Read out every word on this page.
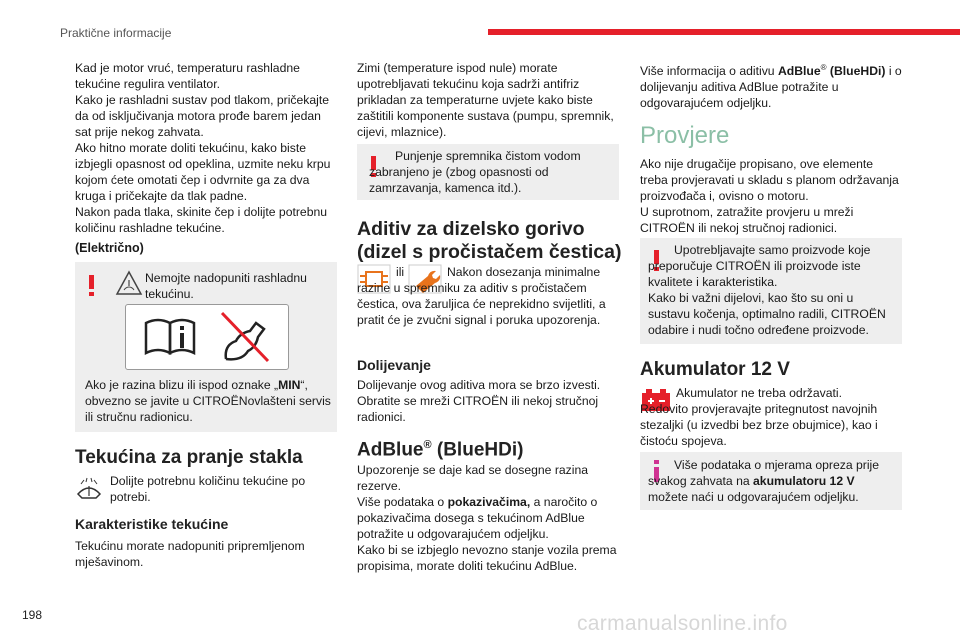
Praktične informacije
Kad je motor vruć, temperaturu rashladne tekućine regulira ventilator.
Kako je rashladni sustav pod tlakom, pričekajte da od isključivanja motora prođe barem jedan sat prije nekog zahvata.
Ako hitno morate doliti tekućinu, kako biste izbjegli opasnost od opeklina, uzmite neku krpu kojom ćete omotati čep i odvrnite ga za dva kruga i pričekajte da tlak padne.
Nakon pada tlaka, skinite čep i dolijte potrebnu količinu rashladne tekućine.
(Električno)
Nemojte nadopuniti rashladnu tekućinu.
Ako je razina blizu ili ispod oznake „MIN“, obvezno se javite u CITROËNovlašteni servis ili stručnu radionicu.
Tekućina za pranje stakla
Dolijte potrebnu količinu tekućine po potrebi.
Karakteristike tekućine
Tekućinu morate nadopuniti pripremljenom mješavinom.
Zimi (temperature ispod nule) morate upotrebljavati tekućinu koja sadrži antifriz prikladan za temperaturne uvjete kako biste zaštitili komponente sustava (pumpu, spremnik, cijevi, mlaznice).
Punjenje spremnika čistom vodom zabranjeno je (zbog opasnosti od zamrzavanja, kamenca itd.).
Aditiv za dizelsko gorivo (dizel s pročistačem čestica)
ili	Nakon dosezanja minimalne razine u spremniku za aditiv s pročistačem čestica, ova žaruljica će neprekidno svijetliti, a pratit će je zvučni signal i poruka upozorenja.
Dolijevanje
Dolijevanje ovog aditiva mora se brzo izvesti. Obratite se mreži CITROËN ili nekoj stručnoj radionici.
AdBlue® (BlueHDi)
Upozorenje se daje kad se dosegne razina rezerve.
Više podataka o pokazivačima, a naročito o pokazivačima dosega s tekućinom AdBlue potražite u odgovarajućem odjeljku.
Kako bi se izbjeglo nevozno stanje vozila prema propisima, morate doliti tekućinu AdBlue.
Više informacija o aditivu AdBlue® (BlueHDi) i o dolijevanju aditiva AdBlue potražite u odgovarajućem odjeljku.
Provjere
Ako nije drugačije propisano, ove elemente treba provjeravati u skladu s planom održavanja proizvođača i, ovisno o motoru.
U suprotnom, zatražite provjeru u mreži CITROËN ili nekoj stručnoj radionici.
Upotrebljavajte samo proizvode koje preporučuje CITROËN ili proizvode iste kvalitete i karakteristika.
Kako bi važni dijelovi, kao što su oni u sustavu kočenja, optimalno radili, CITROËN odabire i nudi točno određene proizvode.
Akumulator 12 V
Akumulator ne treba održavati.
Redovito provjeravajte pritegnutost navojnih stezaljki (u izvedbi bez brze obujmice), kao i čistoću spojeva.
Više podataka o mjerama opreza prije svakog zahvata na akumulatoru 12 V možete naći u odgovarajućem odjeljku.
198	carmanualsonline.info
